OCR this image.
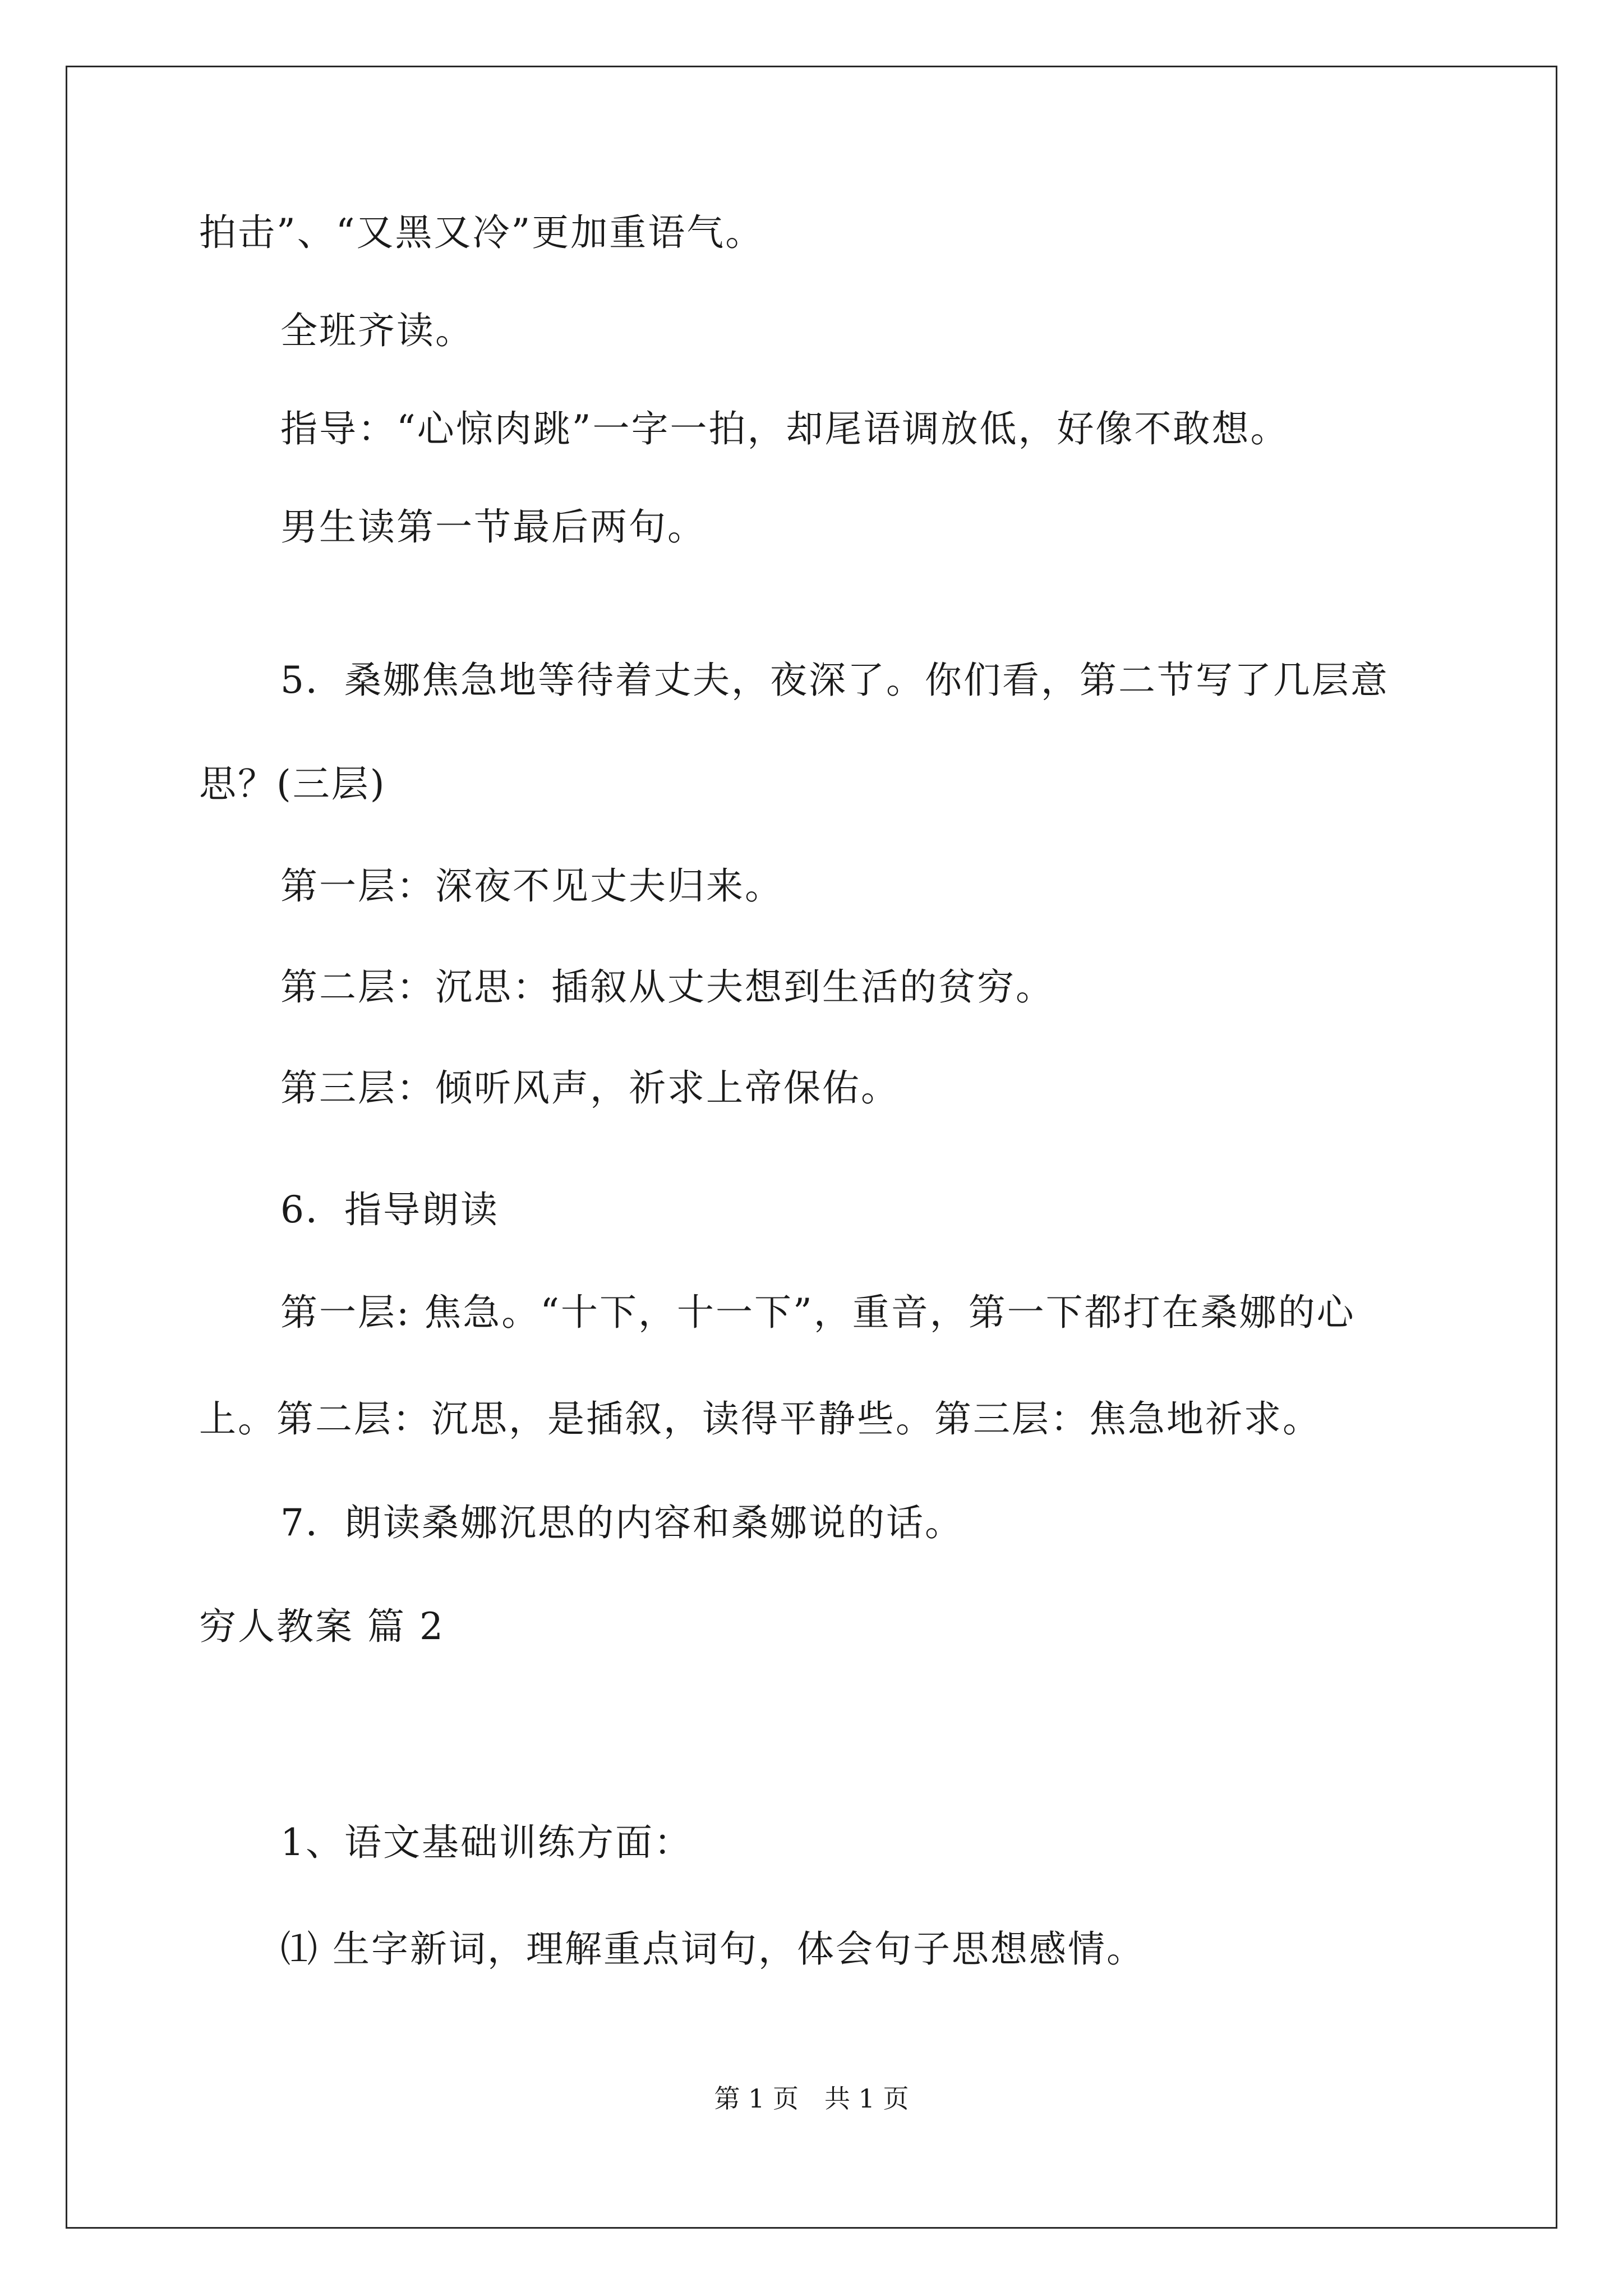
拍击”、“又黑又冷”更加重语气。
全班齐读。
指导：“心惊肉跳”一字一拍，却尾语调放低，好像不敢想。
男生读第一节最后两句。
5．桑娜焦急地等待着丈夫，夜深了。你们看，第二节写了几层意
思？(三层)
第一层：深夜不见丈夫归来。
第二层：沉思：插叙从丈夫想到生活的贫穷。
第三层：倾听风声，祈求上帝保佑。
6．指导朗读
第一层: 焦急。“十下，十一下”，重音，第一下都打在桑娜的心
上。第二层：沉思，是插叙，读得平静些。第三层：焦急地祈求。
7．朗读桑娜沉思的内容和桑娜说的话。
穷人教案 篇 2
1、语文基础训练方面：
⑴ 生字新词，理解重点词句，体会句子思想感情。
第 1 页　共 1 页
